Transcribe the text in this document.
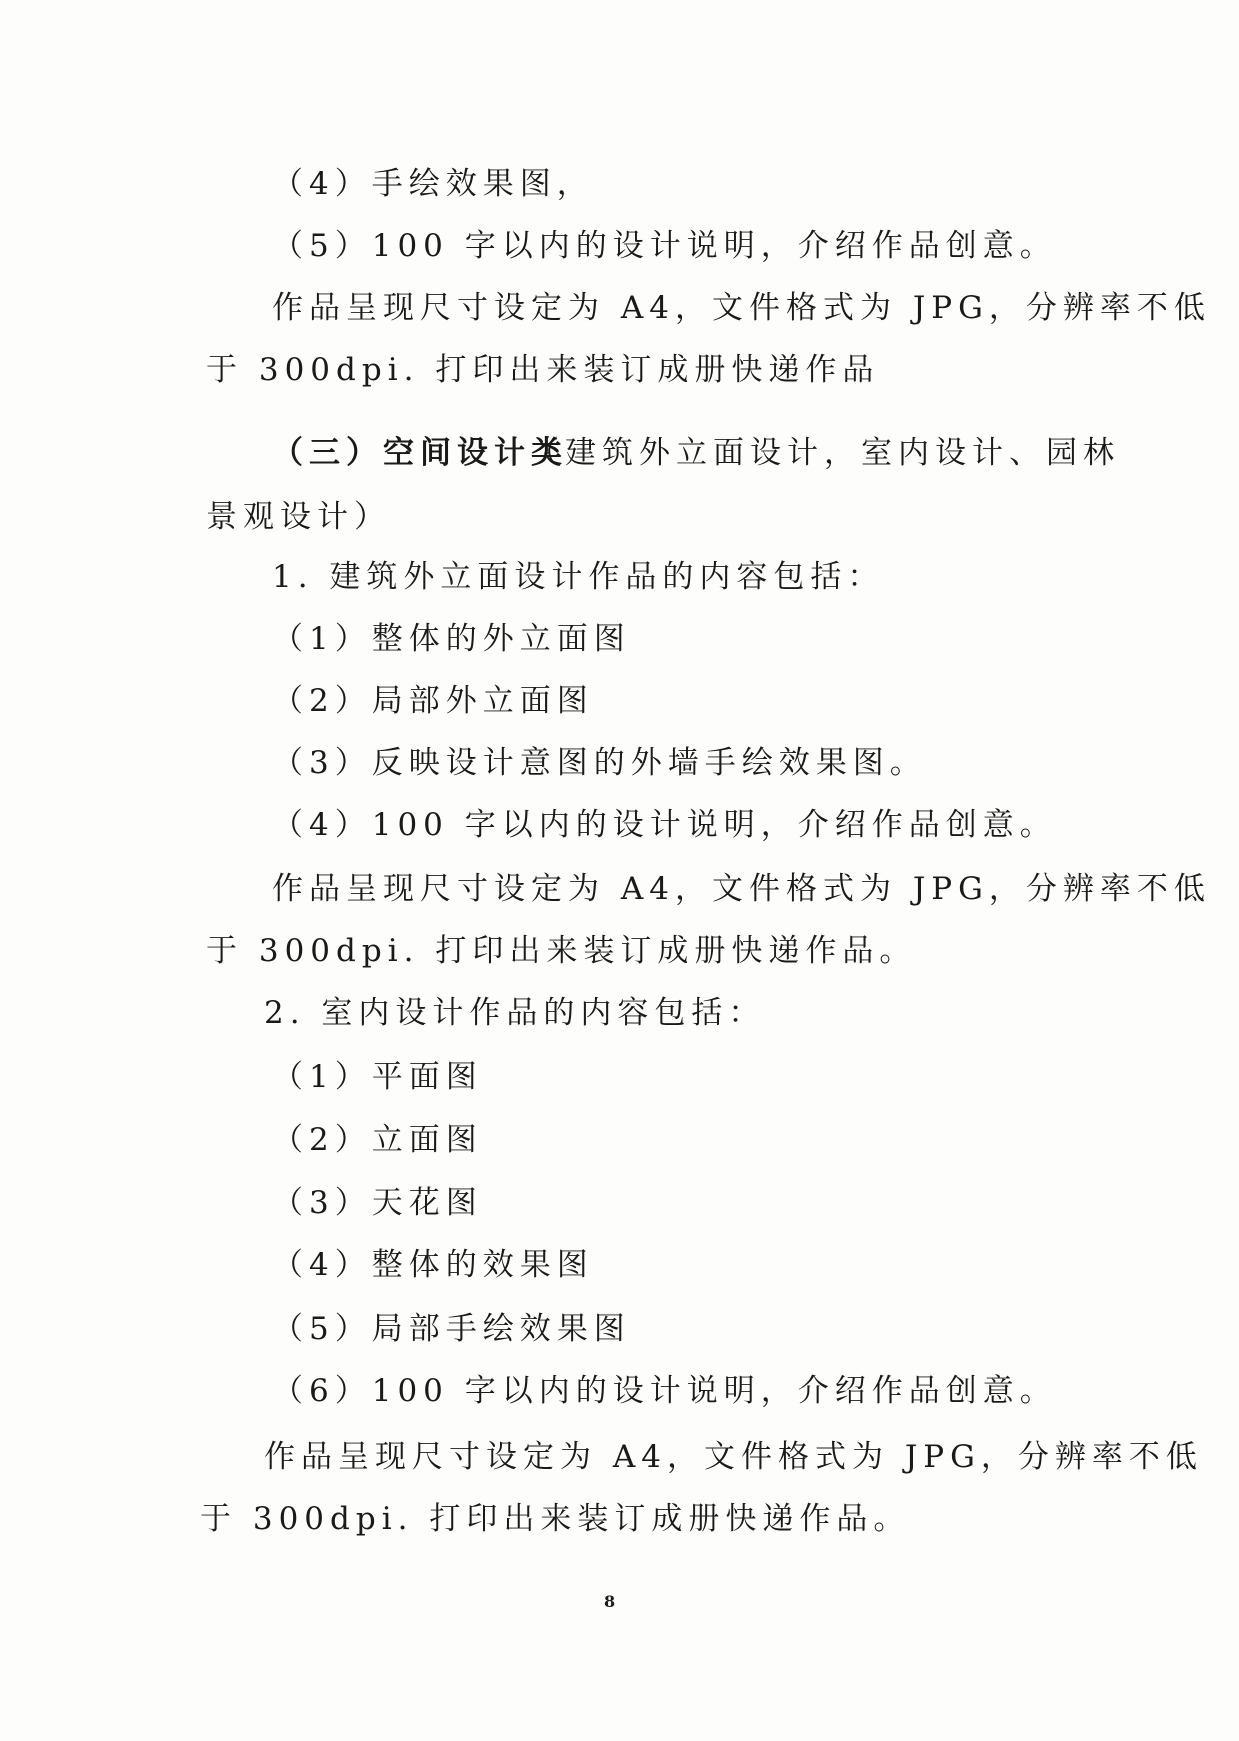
（4）手绘效果图，
（5）100 字以内的设计说明，介绍作品创意。
作品呈现尺寸设定为 A4，文件格式为 JPG，分辨率不低
于 300dpi. 打印出来装订成册快递作品
（三）空间设计类
（建筑外立面设计，室内设计、园林
景观设计）
1. 建筑外立面设计作品的内容包括：
（1）整体的外立面图
（2）局部外立面图
（3）反映设计意图的外墙手绘效果图。
（4）100 字以内的设计说明，介绍作品创意。
作品呈现尺寸设定为 A4，文件格式为 JPG，分辨率不低
于 300dpi. 打印出来装订成册快递作品。
2. 室内设计作品的内容包括：
（1）平面图
（2）立面图
（3）天花图
（4）整体的效果图
（5）局部手绘效果图
（6）100 字以内的设计说明，介绍作品创意。
作品呈现尺寸设定为 A4，文件格式为 JPG，分辨率不低
于 300dpi. 打印出来装订成册快递作品。
8
